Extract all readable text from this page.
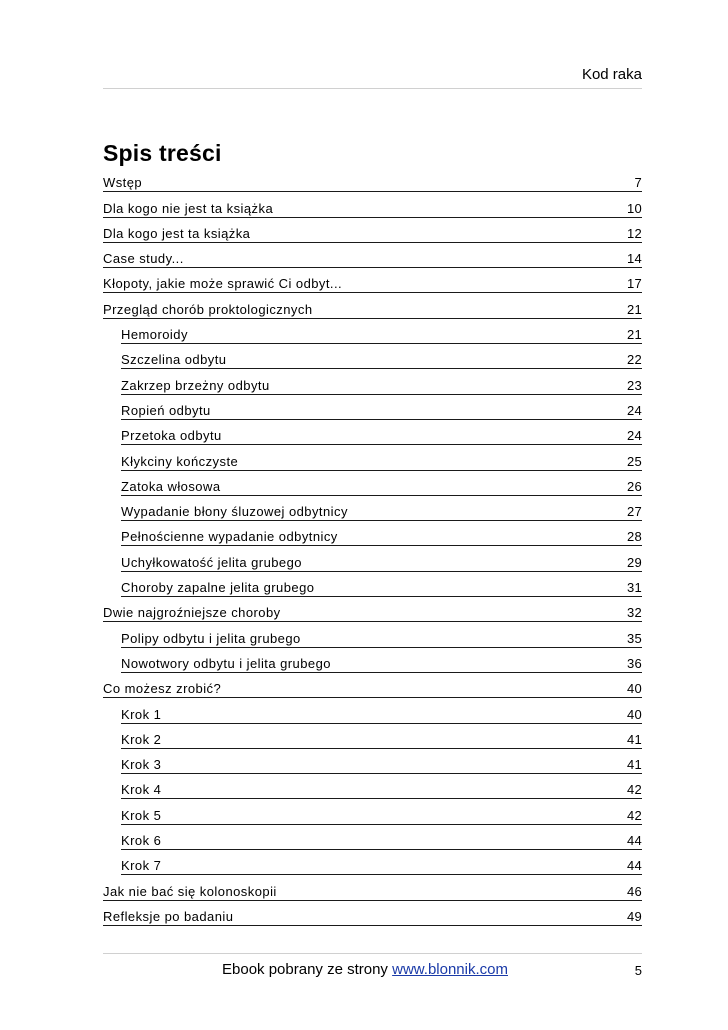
Kod raka
Spis treści
Wstęp	7
Dla kogo nie jest ta książka	10
Dla kogo jest ta książka	12
Case study...	14
Kłopoty, jakie może sprawić Ci odbyt...	17
Przegląd chorób proktologicznych	21
Hemoroidy	21
Szczelina odbytu	22
Zakrzep brzeżny odbytu	23
Ropień odbytu	24
Przetoka odbytu	24
Kłykciny kończyste	25
Zatoka włosowa	26
Wypadanie błony śluzowej odbytnicy	27
Pełnościenne wypadanie odbytnicy	28
Uchyłkowatość jelita grubego	29
Choroby zapalne jelita grubego	31
Dwie najgroźniejsze choroby	32
Polipy odbytu i jelita grubego	35
Nowotwory odbytu i jelita grubego	36
Co możesz zrobić?	40
Krok 1	40
Krok 2	41
Krok 3	41
Krok 4	42
Krok 5	42
Krok 6	44
Krok 7	44
Jak nie bać się kolonoskopii	46
Refleksje po badaniu	49
Ebook pobrany ze strony www.blonnik.com	5
